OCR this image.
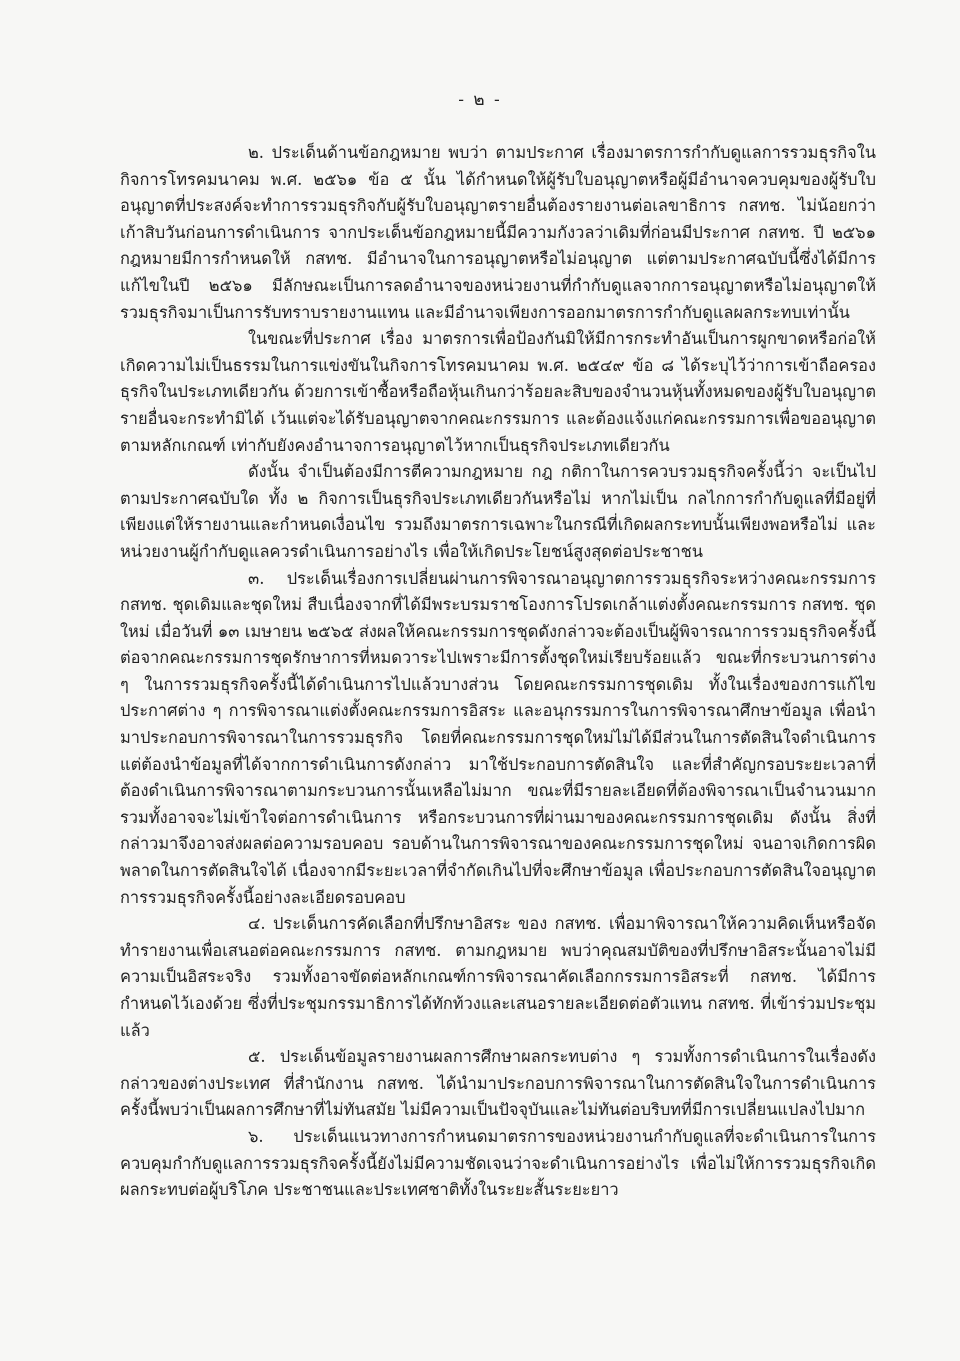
- ๒ -

๒. ประเด็นด้านข้อกฎหมาย พบว่า ตามประกาศ เรื่องมาตรการกำกับดูแลการรวมธุรกิจในกิจการโทรคมนาคม พ.ศ. ๒๕๖๑ ข้อ ๕ นั้น ได้กำหนดให้ผู้รับใบอนุญาตหรือผู้มีอำนาจควบคุมของผู้รับใบอนุญาตที่ประสงค์จะทำการรวมธุรกิจกับผู้รับใบอนุญาตรายอื่นต้องรายงานต่อเลขาธิการ กสทช. ไม่น้อยกว่าเก้าสิบวันก่อนการดำเนินการ จากประเด็นข้อกฎหมายนี้มีความกังวลว่าเดิมที่ก่อนมีประกาศ กสทช. ปี ๒๕๖๑ กฎหมายมีการกำหนดให้ กสทช. มีอำนาจในการอนุญาตหรือไม่อนุญาต แต่ตามประกาศฉบับนี้ซึ่งได้มีการแก้ไขในปี ๒๕๖๑ มีลักษณะเป็นการลดอำนาจของหน่วยงานที่กำกับดูแลจากการอนุญาตหรือไม่อนุญาตให้รวมธุรกิจมาเป็นการรับทราบรายงานแทน และมีอำนาจเพียงการออกมาตรการกำกับดูแลผลกระทบเท่านั้น

ในขณะที่ประกาศ เรื่อง มาตรการเพื่อป้องกันมิให้มีการกระทำอันเป็นการผูกขาดหรือก่อให้เกิดความไม่เป็นธรรมในการแข่งขันในกิจการโทรคมนาคม พ.ศ. ๒๕๔๙ ข้อ ๘ ได้ระบุไว้ว่าการเข้าถือครองธุรกิจในประเภทเดียวกัน ด้วยการเข้าซื้อหรือถือหุ้นเกินกว่าร้อยละสิบของจำนวนหุ้นทั้งหมดของผู้รับใบอนุญาตรายอื่นจะกระทำมิได้ เว้นแต่จะได้รับอนุญาตจากคณะกรรมการ และต้องแจ้งแก่คณะกรรมการเพื่อขออนุญาตตามหลักเกณฑ์ เท่ากับยังคงอำนาจการอนุญาตไว้หากเป็นธุรกิจประเภทเดียวกัน

ดังนั้น จำเป็นต้องมีการตีความกฎหมาย กฎ กติกาในการควบรวมธุรกิจครั้งนี้ว่า จะเป็นไปตามประกาศฉบับใด ทั้ง ๒ กิจการเป็นธุรกิจประเภทเดียวกันหรือไม่ หากไม่เป็น กลไกการกำกับดูแลที่มีอยู่ที่เพียงแต่ให้รายงานและกำหนดเงื่อนไข รวมถึงมาตรการเฉพาะในกรณีที่เกิดผลกระทบนั้นเพียงพอหรือไม่ และหน่วยงานผู้กำกับดูแลควรดำเนินการอย่างไร เพื่อให้เกิดประโยชน์สูงสุดต่อประชาชน

๓. ประเด็นเรื่องการเปลี่ยนผ่านการพิจารณาอนุญาตการรวมธุรกิจระหว่างคณะกรรมการ กสทช. ชุดเดิมและชุดใหม่ สืบเนื่องจากที่ได้มีพระบรมราชโองการโปรดเกล้าแต่งตั้งคณะกรรมการ กสทช. ชุดใหม่ เมื่อวันที่ ๑๓ เมษายน ๒๕๖๕ ส่งผลให้คณะกรรมการชุดดังกล่าวจะต้องเป็นผู้พิจารณาการรวมธุรกิจครั้งนี้ต่อจากคณะกรรมการชุดรักษาการที่หมดวาระไปเพราะมีการตั้งชุดใหม่เรียบร้อยแล้ว ขณะที่กระบวนการต่าง ๆ ในการรวมธุรกิจครั้งนี้ได้ดำเนินการไปแล้วบางส่วน โดยคณะกรรมการชุดเดิม ทั้งในเรื่องของการแก้ไขประกาศต่าง ๆ การพิจารณาแต่งตั้งคณะกรรมการอิสระ และอนุกรรมการในการพิจารณาศึกษาข้อมูล เพื่อนำมาประกอบการพิจารณาในการรวมธุรกิจ โดยที่คณะกรรมการชุดใหม่ไม่ได้มีส่วนในการตัดสินใจดำเนินการ แต่ต้องนำข้อมูลที่ได้จากการดำเนินการดังกล่าว มาใช้ประกอบการตัดสินใจ และที่สำคัญกรอบระยะเวลาที่ต้องดำเนินการพิจารณาตามกระบวนการนั้นเหลือไม่มาก ขณะที่มีรายละเอียดที่ต้องพิจารณาเป็นจำนวนมาก รวมทั้งอาจจะไม่เข้าใจต่อการดำเนินการ หรือกระบวนการที่ผ่านมาของคณะกรรมการชุดเดิม ดังนั้น สิ่งที่กล่าวมาจึงอาจส่งผลต่อความรอบคอบ รอบด้านในการพิจารณาของคณะกรรมการชุดใหม่ จนอาจเกิดการผิดพลาดในการตัดสินใจได้ เนื่องจากมีระยะเวลาที่จำกัดเกินไปที่จะศึกษาข้อมูล เพื่อประกอบการตัดสินใจอนุญาตการรวมธุรกิจครั้งนี้อย่างละเอียดรอบคอบ

๔. ประเด็นการคัดเลือกที่ปรึกษาอิสระ ของ กสทช. เพื่อมาพิจารณาให้ความคิดเห็นหรือจัดทำรายงานเพื่อเสนอต่อคณะกรรมการ กสทช. ตามกฎหมาย พบว่าคุณสมบัติของที่ปรึกษาอิสระนั้นอาจไม่มีความเป็นอิสระจริง รวมทั้งอาจขัดต่อหลักเกณฑ์การพิจารณาคัดเลือกกรรมการอิสระที่ กสทช. ได้มีการกำหนดไว้เองด้วย ซึ่งที่ประชุมกรรมาธิการได้ทักท้วงและเสนอรายละเอียดต่อตัวแทน กสทช. ที่เข้าร่วมประชุมแล้ว

๕. ประเด็นข้อมูลรายงานผลการศึกษาผลกระทบต่าง ๆ รวมทั้งการดำเนินการในเรื่องดังกล่าวของต่างประเทศ ที่สำนักงาน กสทช. ได้นำมาประกอบการพิจารณาในการตัดสินใจในการดำเนินการครั้งนี้พบว่าเป็นผลการศึกษาที่ไม่ทันสมัย ไม่มีความเป็นปัจจุบันและไม่ทันต่อบริบทที่มีการเปลี่ยนแปลงไปมาก

๖. ประเด็นแนวทางการกำหนดมาตรการของหน่วยงานกำกับดูแลที่จะดำเนินการในการควบคุมกำกับดูแลการรวมธุรกิจครั้งนี้ยังไม่มีความชัดเจนว่าจะดำเนินการอย่างไร เพื่อไม่ให้การรวมธุรกิจเกิดผลกระทบต่อผู้บริโภค ประชาชนและประเทศชาติทั้งในระยะสั้นระยะยาว
